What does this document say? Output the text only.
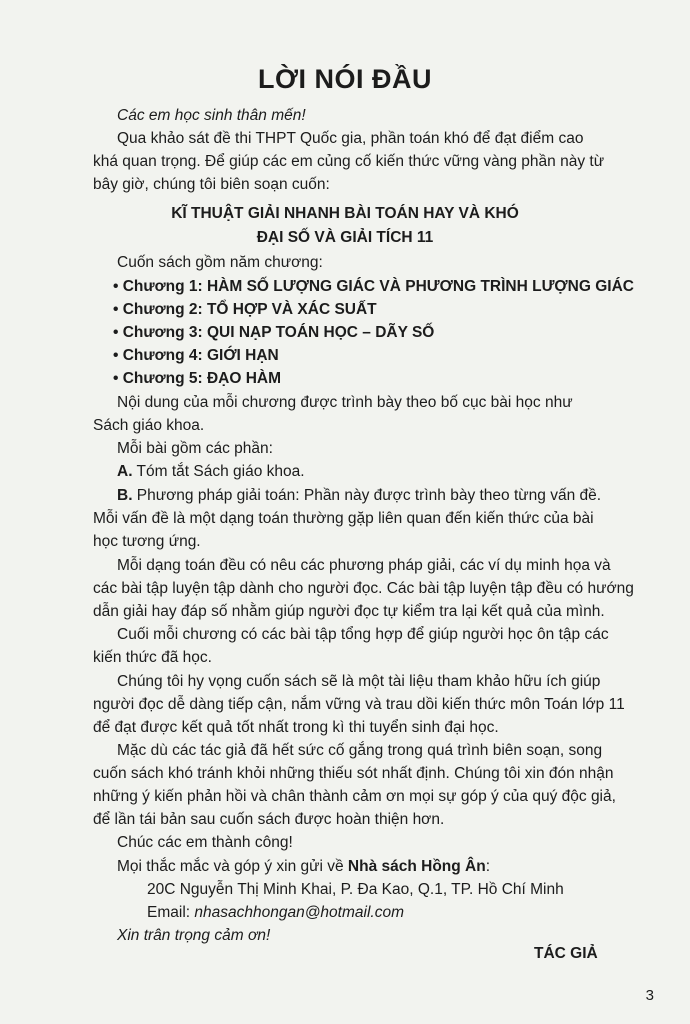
LỜI NÓI ĐẦU
Các em học sinh thân mến!
Qua khảo sát đề thi THPT Quốc gia, phần toán khó để đạt điểm cao
khá quan trọng. Để giúp các em củng cố kiến thức vững vàng phần này từ
bây giờ, chúng tôi biên soạn cuốn:
KĨ THUẬT GIẢI NHANH BÀI TOÁN HAY VÀ KHÓ
ĐẠI SỐ VÀ GIẢI TÍCH 11
Cuốn sách gồm năm chương:
• Chương 1: HÀM SỐ LƯỢNG GIÁC VÀ PHƯƠNG TRÌNH LƯỢNG GIÁC
• Chương 2: TỔ HỢP VÀ XÁC SUẤT
• Chương 3: QUI NẠP TOÁN HỌC – DÃY SỐ
• Chương 4: GIỚI HẠN
• Chương 5: ĐẠO HÀM
Nội dung của mỗi chương được trình bày theo bố cục bài học như
Sách giáo khoa.
Mỗi bài gồm các phần:
A. Tóm tắt Sách giáo khoa.
B. Phương pháp giải toán: Phần này được trình bày theo từng vấn đề.
Mỗi vấn đề là một dạng toán thường gặp liên quan đến kiến thức của bài
học tương ứng.
Mỗi dạng toán đều có nêu các phương pháp giải, các ví dụ minh họa và
các bài tập luyện tập dành cho người đọc. Các bài tập luyện tập đều có hướng
dẫn giải hay đáp số nhằm giúp người đọc tự kiểm tra lại kết quả của mình.
Cuối mỗi chương có các bài tập tổng hợp để giúp người học ôn tập các
kiến thức đã học.
Chúng tôi hy vọng cuốn sách sẽ là một tài liệu tham khảo hữu ích giúp
người đọc dễ dàng tiếp cận, nắm vững và trau dồi kiến thức môn Toán lớp 11
để đạt được kết quả tốt nhất trong kì thi tuyển sinh đại học.
Mặc dù các tác giả đã hết sức cố gắng trong quá trình biên soạn, song
cuốn sách khó tránh khỏi những thiếu sót nhất định. Chúng tôi xin đón nhận
những ý kiến phản hồi và chân thành cảm ơn mọi sự góp ý của quý độc giả,
để lần tái bản sau cuốn sách được hoàn thiện hơn.
Chúc các em thành công!
Mọi thắc mắc và góp ý xin gửi về Nhà sách Hồng Ân:
20C Nguyễn Thị Minh Khai, P. Đa Kao, Q.1, TP. Hồ Chí Minh
Email: nhasachhongan@hotmail.com
Xin trân trọng cảm ơn!
TÁC GIẢ
3
